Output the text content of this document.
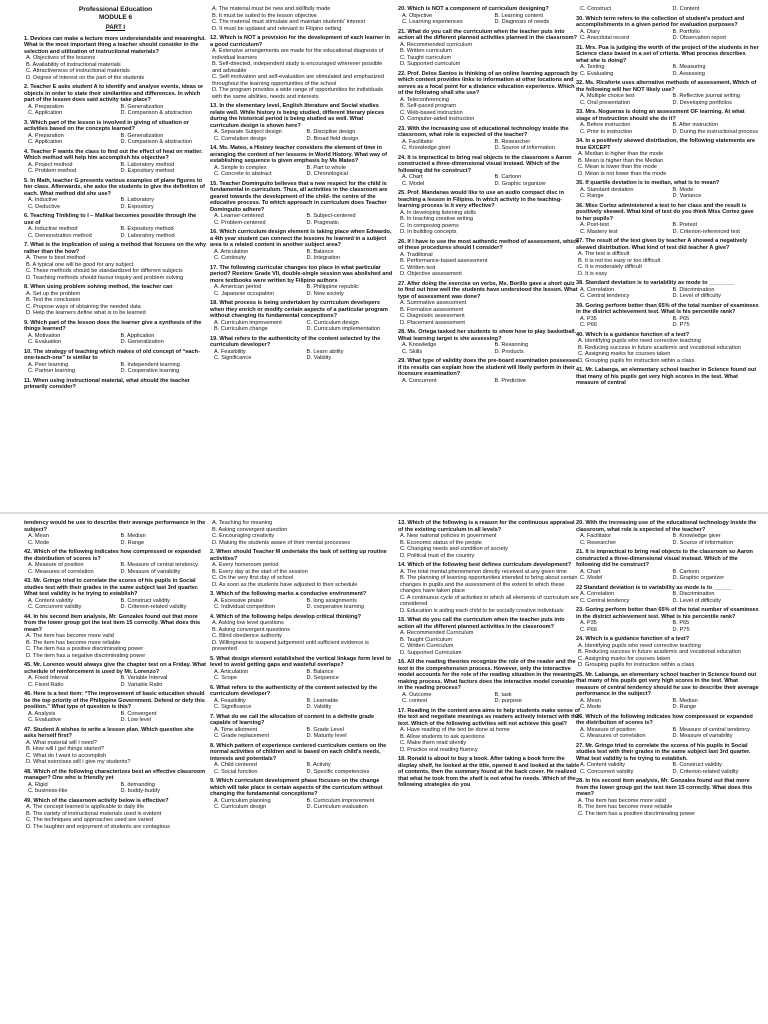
Professional Education
MODULE 6
PART I
1. Devices can make a lecture more understandable and meaningful. What is the most important thing a teacher should consider in the selection and utilization of instructional materials?
A. Objectives of the lessons
B. Availability of instructional materials
C. Attractiveness of instructional materials
D. Degree of interest on the part of the students
2. Teacher E asks student A to identify and analyse events, ideas or objects in order to state their similarities and differences. In which part of the lesson does said activity take place?
A. Preparation	B. Generalization
C. Application	D. Comparison & abstraction
3. Which part of the lesson is involved in giving of situation or activities based on the concepts learned?
A. Preparation	B. Generalization
C. Application	D. Comparison & abstraction
4. Teacher F wants the class to find out the effect of heat on matter. Which method will help him accomplish his objective?
A. Project method	B. Laboratory method
C. Problem method	D. Expository method
5. In Math, teacher G presents various examples of plane figures to her class. Afterwards, she asks the students to give the definition of each. What method did she use?
A. Inductive	B. Laboratory
C. Deductive	D. Expository
6. Teaching Tinikling to I – Malikai becomes possible through the use of
A. Inductive method	B. Expository method
C. Demonstration method	D. Laboratory method
7. What is the implication of using a method that focuses on the why rather than the how?
A. There is best method
B. A typical one will be good for any subject
C. These methods should be standardized for different subjects
D. Teaching methods should favour inquiry and problem solving
8. When using problem solving method, the teacher can
A. Set up the problem
B. Test the conclusion
C. Propose ways of obtaining the needed data
D. Help the learners define what is to be learned
9. Which part of the lesson does the learner give a synthesis of the things learned?
A. Motivation	B. Application
C. Evaluation	D. Generalization
10. The strategy of teaching which makes of old concept of “each-one-teach-one” is similar to
A. Peer learning	B. Independent learning
C. Partner learning	D. Cooperative learning
11. When using instructional material, what should the teacher primarily consider?
A. The material must be new and skillfully made
B. It must be suited to the lesson objective
C. The material must stimulate and maintain students' interest
D. It must be updated and relevant to Filipino setting
12. Which is NOT a provision for the development of each learner in a good curriculum?
A. Extensive arrangements are made for the educational diagnosis of individual learners
B. Self-directed, independent study is encouraged wherever possible and advisable
C. Self-motivation and self-evaluation are stimulated and emphasized throughout the learning opportunities of the school
D. The program provides a wide range of opportunities for individuals with the same abilities, needs and interests
13. In the elementary level, English literature and Social studies relate well. While history is being studied, different literary pieces during the historical period is being studied as well. What curriculum design is shown here?
A. Separate Subject design	B. Discipline design
C. Correlation design	D. Broad field design
14. Ms. Mateo, a History teacher considers the element of time in arranging the content of her lessons in World History. What way of establishing sequence is given emphasis by Ms Mateo?
A. Simple to complex	B. Part to whole
C. Concrete to abstract	D. Chronological
15. Teacher Dominguito believes that a new respect for the child is fundamental in curriculum. Thus, all activities in the classroom are geared towards the development of the child- the centre of the educative process. To which approach in curriculum does Teacher Dominguito adhere?
A. Learner-centered	B. Subject-centered
C. Problem-centered	D. Pragmatic
16. Which curriculum design element is taking place when Edwardo, a 4th year student can connect the lessons he learned in a subject area to a related content in another subject area?
A. Articulation	B. Balance
C. Continuity	D. Integration
17. The following curricular changes too place in what particular period? Restore Grade VII, double-single session was abolished and more textbooks were written by Filipino authors
A. American period	B. Philippine republic
C. Japanese occupation	D. New society
18. What process is being undertaken by curriculum developers when they enrich or modify certain aspects of a particular program without changing its fundamental conceptions?
A. Curriculum improvement	C. Curriculum design
B. Curriculum change	D. Curriculum implementation
19. What refers to the authenticity of the content selected by the curriculum developer?
A. Feasibility	B. Learn ability
C. Significance	D. Validity
20. Which is NOT a component of curriculum designing?
A. Objective	B. Learning content
C. Learning experiences	D. Diagnosis of needs
21. What do you call the curriculum when the teacher puts into action all the different planned activities planned in the classroom?
A. Recommended curriculum
B. Written curriculum
C. Taught curriculum
D. Supported curriculum
22. Prof. Delos Santos is thinking of an online learning approach by which content provides links to information at other locations and serves as a focal point for a distance education experience. Which of the following shall she use?
A. Teleconferencing
B. Self-paced program
C. Web-based instruction
D. Computer-aided instruction
23. With the increasing use of educational technology inside the classroom, what role is expected of the teacher?
A. Facilitator	B. Researcher
C. Knowledge giver	D. Source of information
24. It is impractical to bring real objects to the classroom s Aaron constructed a three-dimensional visual instead. Which of the following did he construct?
A. Chart	B. Cartoon
C. Model	D. Graphic organizer
25. Prof. Mandanas would like to use an audio compact disc in teaching a lesson in Filipino. In which activity in the teaching-learning process is it very effective?
A. In developing listening skills
B. In teaching creative writing
C. In composing poems
D. In building concepts
26. If I have to use the most authentic method of assessment, which of these procedures should I consider?
A. Traditional
B. Performance-based assessment
C. Written test
D. Objective assessment
27. After doing the exercise on verbs, Ms. Borillo gave a short quiz to find out how well the students have understood the lesson. What type of assessment was done?
A. Summative assessment
B. Formative assessment
C. Diagnostic assessment
D. Placement assessment
28. Ms. Ortega tasked her students to show how to play basketball. What learning target is she assessing?
A. Knowledge	B. Reasoning
C. Skills	D. Products
29. What type of validity does the pre-board examination possesses if its results can explain how the student will likely perform in their licensure examination?
A. Concurrent	B. Predictive
C. Construct	D. Content
30. Which term refers to the collection of student's product and accomplishments in a given period for evaluation purposes?
A. Diary	B. Portfolio
C. Anecdotal record	D. Observation report
31. Mrs. Pua is judging the worth of the project of the students in her Science class based in a set of criteria. What process describes what she is doing?
A. Testing	B. Measuring
C. Evaluating	D. Assessing
32. Ms. Ricaforte uses alternative methods of assessment. Which of the following will her NOT likely use?
A. Multiple choice test	B. Reflective journal writing
C. Oral presentation	D. Developing portfolios
33. Mrs. Nogueras is doing an assessment OF learning. At what stage of instruction should she do it?
A. Before instruction	B. After instruction
C. Prior to instruction	D. During the instructional process
34. In a positively skewed distribution, the following statements are true EXCEPT
A. Median is higher than the mode
B. Mean is higher than the Median
C. Mean is lower than the mode
D. Mean is not lower than the mode
35. If quartile deviation is to median, what is to mean?
A. Standard deviation	B. Mode
C. Range	D. Variance
36. Miss Cortez administered a test to her class and the result is positively skewed. What kind of test do you think Miss Cortez gave to her pupils?
A. Post-test	B. Pretest
C. Mastery test	D. Criterion-referenced test
37. The result of the test given by teacher A showed a negatively skewed distribution. What kind of test did teacher A give?
A. The test is difficult
B. It is not too easy or too difficult
C. It is moderately difficult
D. It is easy
38. Standard deviation is to variability as mode to ________
A. Correlation	B. Discrimination
C. Central tendency	D. Level of difficulty
39. Goring perform better than 65% of the total number of examinees in the district achievement test. What is his percentile rank?
A. P35	B. P65
C. P66	D. P75
40. Which is a guidance function of a test?
A. Identifying pupils who need corrective teaching
B. Reducing success in future academic and vocational education
C. Assigning marks for courses taken
D. Grouping pupils for instruction within a class
41. Mr. Labanga, an elementary school teacher in Science found out that many of his pupils got very high scores in the test. What measure of central
tendency would he use to describe their average performance in the subject?
A. Mean	B. Median
C. Mode	D. Range
42. Which of the following indicates how compressed or expanded the distribution of scores is?
A. Measure of position	B. Measure of central tendency
C. Measures of correlation	D. Measure of variability
43. Mr. Gringo tried to correlate the scores of his pupils in Social studies test with their grades in the same subject last 3rd quarter. What test validity is he trying to establish?
A. Content validity	B. Construct validity
C. Concurrent validity	D. Criterion-related validity
44. In his second item analysis, Mr. Gonzales found out that more from the lower group got the test item 15 correctly. What does this mean?
A. The item has become more valid
B. The item has become more reliable
C. The item has a positive discriminating power
D. The item has a negative discriminating power
45. Mr. Lorenzo would always give the chapter test on a Friday. What schedule of reinforcement is used by Mr. Lorenzo?
A. Fixed Interval	B. Variable Interval
C. Fixed Ratio	D. Variable Ratio
46. Here is a test item: “The improvement of basic education should be the top priority of the Philippine Government. Defend or defy this position.” What type of question is this?
A. Analysis	B. Convergent
C. Evaluative	D. Low level
47. Student A wishes to write a lesson plan. Which question she asks herself first?
A. What material will I need?
B. How will I get things started?
C. What do I want to accomplish
D. What exercises will I give my students?
48. Which of the following characterizes best an effective classroom manager? One who is friendly yet
A. Rigid	B. demanding
C. business-like	D. buddy-buddy
49. Which of the classroom activity below is effective?
A. The concept learned is applicable to daily life
B. The variety of instructional materials used is evident
C. The techniques and approaches used are varied
D. The laughter and enjoyment of students are contagious
A. Teaching for meaning
B. Asking convergent question
C. Encouraging creativity
D. Making the students aware of their mental processes
2. When should Teacher M undertake the task of setting up routine activities?
A. Every homeroom period
B. Every day at the start of the session
C. On the very first day of school
D. As soon as the students have adjusted to their schedule
3. Which of the following marks a conducive environment?
A. Excessive praise	B. long assignments
C. Individual competition	D. cooperative learning
4. Which of the following helps develop critical thinking?
A. Asking low level questions
B. Asking convergent questions
C. Blind obedience authority
D. Willingness to suspend judgement until sufficient evidence is presented
5. What design element established the vertical linkage form level to level to avoid getting gaps and wasteful overlaps?
A. Articulation	B. Balance
C. Scope	D. Sequence
6. What refers to the authenticity of the content selected by the curriculum developer?
A. Feasibility	B. Learnable
C. Significance	D. Validity
7. What do we call the allocation of content to a definite grade capable of learning?
A. Time allotment	B. Grade Level
C. Grade replacement	D. Maturity level
8. Which pattern of experience centered curriculum centers on the normal activities of children and is based on each child's needs, interests and potentials?
A. Child centered	B. Activity
C. Social function	D. Specific competencies
9. Which curriculum development phase focuses on the change which will take place in certain aspects of the curriculum without changing the fundamental conceptions?
A. Curriculum planning	B. Curriculum improvement
C. Curriculum design	D. Curriculum evaluation
13. Which of the following is a reason for the continuous appraisal of the existing curriculum in all levels?
A. New national policies in government
B. Economic status of the people
C. Changing needs and condition of society
D. Political trust of the country
14. Which of the following best defines curriculum development?
A. The total mental phenomenon directly received at any given time
B. The planning of learning opportunities intended to bring about certain changes in pupils and the assessment of the extent to which these changes have taken place
C. A continuous cycle of activities in which all elements of curriculum are considered
D. Education is aiding each child to be socially creative individuals
15. What do you call the curriculum when the teacher puts into action all the different planned activities in the classroom?
A. Recommended Curriculum
B. Taught Curriculum
C. Written Curriculum
D. Supported Curriculum
16. All the reading theories recognize the role of the reader and the text in the comprehension process. However, only the interactive model accounts for the role of the reading situation in the meaning-making process. What factors does the interactive model consider in the reading process?
A. Outcome	B. task
C. context	D. purpose
17. Reading in the content area aims to help students make sense of the text and negotiate meanings as readers actively interact with the text. Which of the following activities will not achieve this goal?
A. Have reading of the text be done at home
B. Allow students to ask questions
C. Make them read silently
D. Practice oral reading fluency
18. Ronald is about to buy a book. After taking a book form the display shelf, he looked at the title, opened it and looked at the table of contents, then the summary found at the back cover. He realized that what he took from the shelf is not what he needs. Which of the following strategies do you
20. With the increasing use of the educational technology inside the classroom, what role is expected of the teacher?
A. Facilitator	B. Knowledge giver
C. Researcher	D. Source of information
21. It is impractical to bring real objects to the classroom so Aaron constructed a three-dimensional visual instead. Which of the following did he construct?
A. Chart	B. Cartoon
C. Model	D. Graphic organizer
22 Standard deviation is to variability as mode is to ______
A. Correlation	B. Discrimination
C. Central tendency	D. Level of difficulty
23. Goring perform better than 65% of the total number of examinees in the district achievement test. What is his percentile rank?
A. P35	B. P65
C. P66	D. P75
24. Which is a guidance function of a test?
A. Identifying pupils who need corrective teaching
B. Reducing success in future academic and vocational education
C. Assigning marks for courses taken
D. Grouping pupils for instruction within a class
25. Mr. Labanga, an elementary school teacher in Science found out that many of his pupils got very high scores in the test. What measure of central tendency should he use to describe their average performance in the subject?
A. Mean	B. Median
C. Mode	D. Range
26. Which of the following indicates how compressed or expanded the distribution of scores is?
A. Measure of position	B. Measure of central tendency
C. Measures of correlation	D. Measure of variability
27. Mr. Gringo tried to correlate the scores of his pupils in Social studies test with their grades in the same subject last 3rd quarter. What test validity is he trying to establish.
A. Content validity	B. Construct validity
C. Concurrent validity	D. Criterion-related validity
28. In his second item analysis, Mr. Gonzales found out that more from the lower group got the test item 15 correctly. What does this mean?
A. The item has become more valid
B. The item has become more reliable
C. The item has a positive discriminating power
